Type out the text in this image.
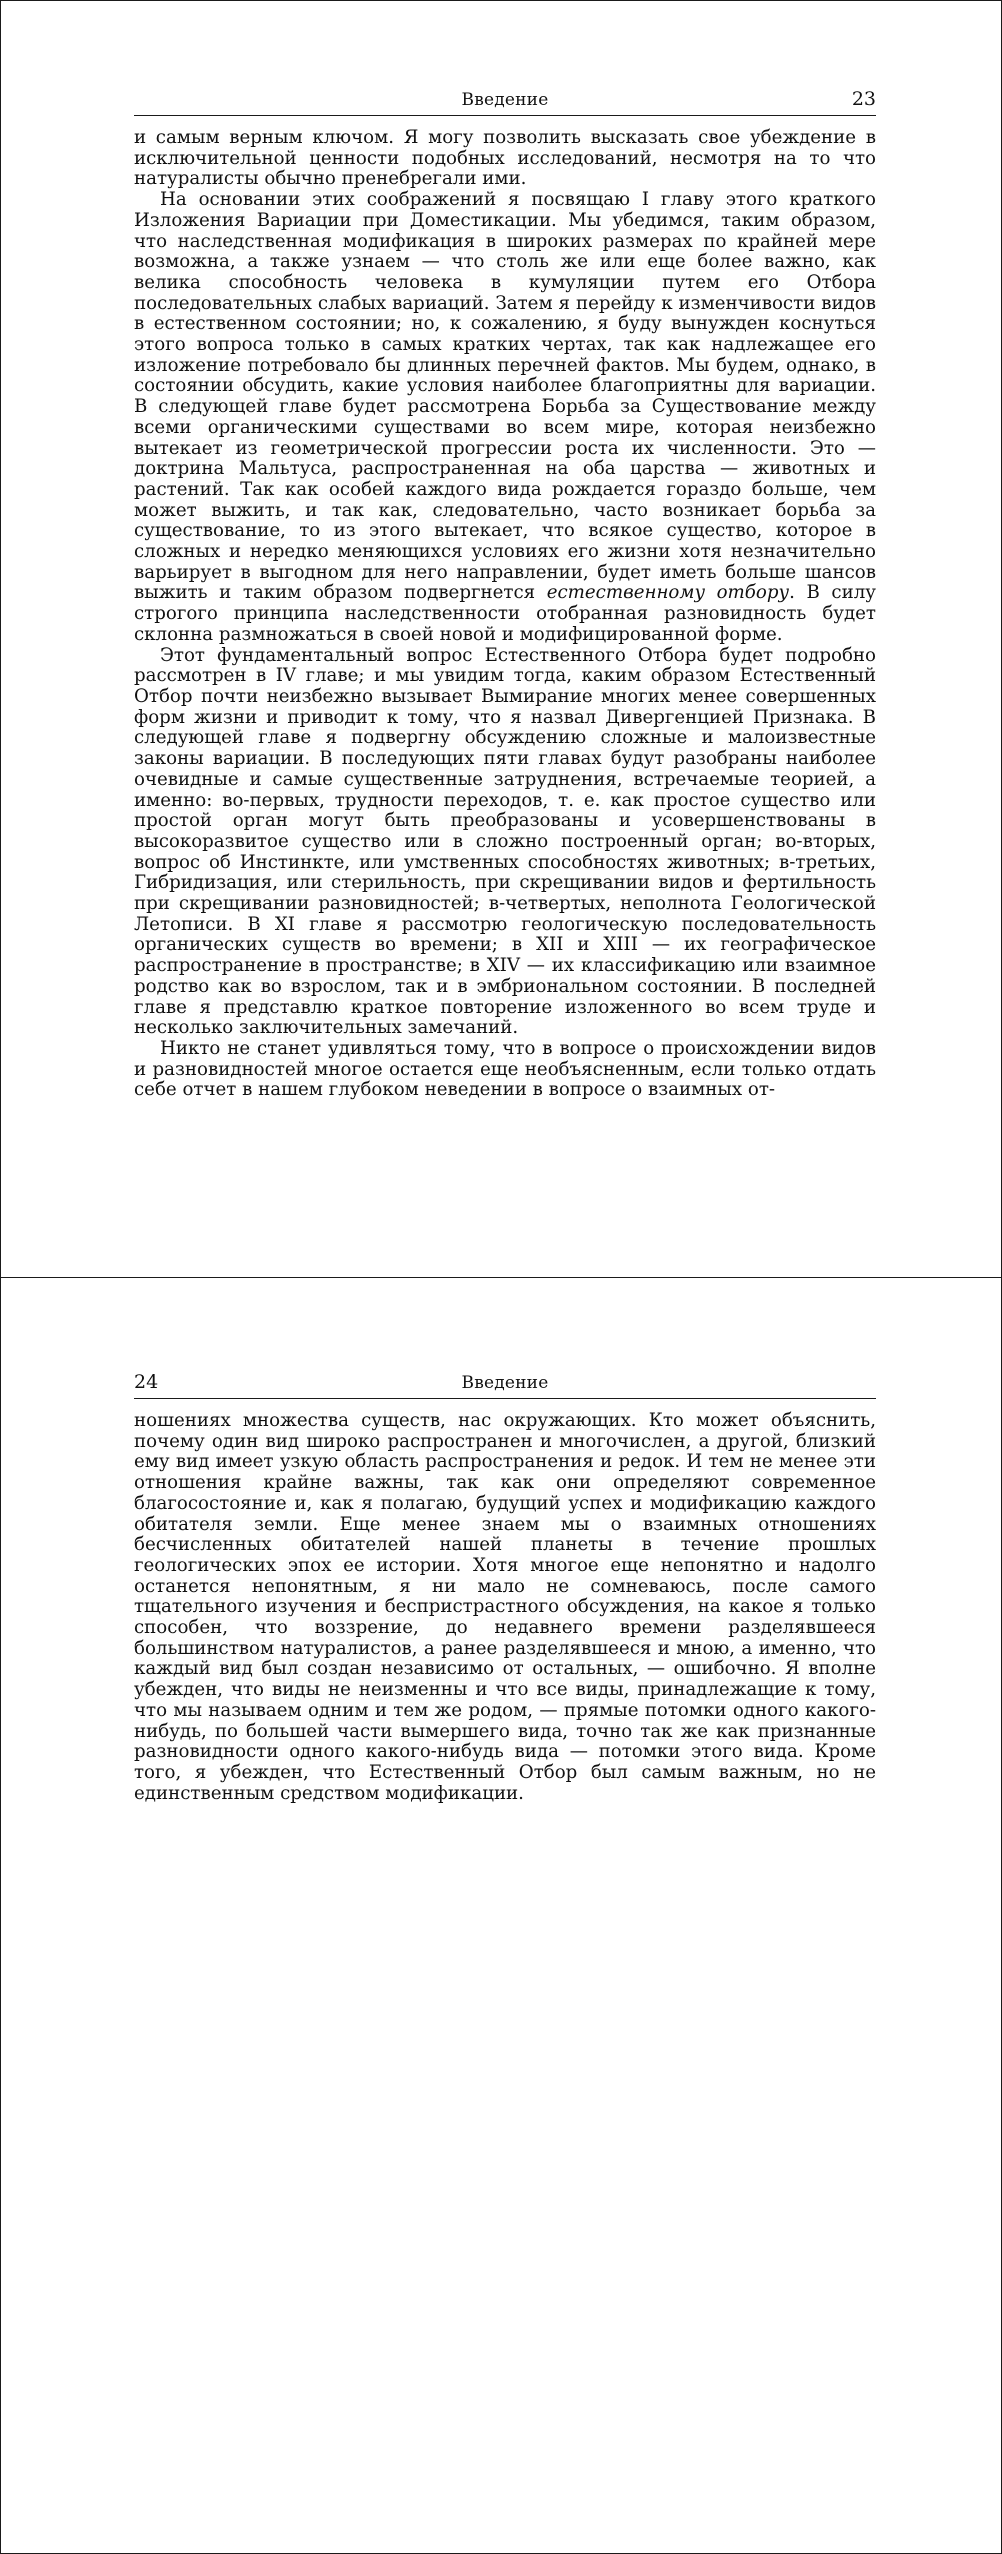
Введение	23

и самым верным ключом. Я могу позволить высказать свое убеждение в исключительной ценности подобных исследований, несмотря на то что натуралисты обычно пренебрегали ими.

На основании этих соображений я посвящаю I главу этого краткого Изложения Вариации при Доместикации. Мы убедимся, таким образом, что наследственная модификация в широких размерах по крайней мере возможна, а также узнаем — что столь же или еще более важно, как велика способность человека в кумуляции путем его Отбора последовательных слабых вариаций. Затем я перейду к изменчивости видов в естественном состоянии; но, к сожалению, я буду вынужден коснуться этого вопроса только в самых кратких чертах, так как надлежащее его изложение потребовало бы длинных перечней фактов. Мы будем, однако, в состоянии обсудить, какие условия наиболее благоприятны для вариации. В следующей главе будет рассмотрена Борьба за Существование между всеми органическими существами во всем мире, которая неизбежно вытекает из геометрической прогрессии роста их численности. Это — доктрина Мальтуса, распространенная на оба царства — животных и растений. Так как особей каждого вида рождается гораздо больше, чем может выжить, и так как, следовательно, часто возникает борьба за существование, то из этого вытекает, что всякое существо, которое в сложных и нередко меняющихся условиях его жизни хотя незначительно варьирует в выгодном для него направлении, будет иметь больше шансов выжить и таким образом подвергнется естественному отбору. В силу строгого принципа наследственности отобранная разновидность будет склонна размножаться в своей новой и модифицированной форме.

Этот фундаментальный вопрос Естественного Отбора будет подробно рассмотрен в IV главе; и мы увидим тогда, каким образом Естественный Отбор почти неизбежно вызывает Вымирание многих менее совершенных форм жизни и приводит к тому, что я назвал Дивергенцией Признака. В следующей главе я подвергну обсуждению сложные и малоизвестные законы вариации. В последующих пяти главах будут разобраны наиболее очевидные и самые существенные затруднения, встречаемые теорией, а именно: во-первых, трудности переходов, т. е. как простое существо или простой орган могут быть преобразованы и усовершенствованы в высокоразвитое существо или в сложно построенный орган; во-вторых, вопрос об Инстинкте, или умственных способностях животных; в-третьих, Гибридизация, или стерильность, при скрещивании видов и фертильность при скрещивании разновидностей; в-четвертых, неполнота Геологической Летописи. В XI главе я рассмотрю геологическую последовательность органических существ во времени; в XII и XIII — их географическое распространение в пространстве; в XIV — их классификацию или взаимное родство как во взрослом, так и в эмбриональном состоянии. В последней главе я представлю краткое повторение изложенного во всем труде и несколько заключительных замечаний.

Никто не станет удивляться тому, что в вопросе о происхождении видов и разновидностей многое остается еще необъясненным, если только отдать себе отчет в нашем глубоком неведении в вопросе о взаимных от-

24	Введение

ношениях множества существ, нас окружающих. Кто может объяснить, почему один вид широко распространен и многочислен, а другой, близкий ему вид имеет узкую область распространения и редок. И тем не менее эти отношения крайне важны, так как они определяют современное благосостояние и, как я полагаю, будущий успех и модификацию каждого обитателя земли. Еще менее знаем мы о взаимных отношениях бесчисленных обитателей нашей планеты в течение прошлых геологических эпох ее истории. Хотя многое еще непонятно и надолго останется непонятным, я ни мало не сомневаюсь, после самого тщательного изучения и беспристрастного обсуждения, на какое я только способен, что воззрение, до недавнего времени разделявшееся большинством натуралистов, а ранее разделявшееся и мною, а именно, что каждый вид был создан независимо от остальных, — ошибочно. Я вполне убежден, что виды не неизменны и что все виды, принадлежащие к тому, что мы называем одним и тем же родом, — прямые потомки одного какого-нибудь, по большей части вымершего вида, точно так же как признанные разновидности одного какого-нибудь вида — потомки этого вида. Кроме того, я убежден, что Естественный Отбор был самым важным, но не единственным средством модификации.
